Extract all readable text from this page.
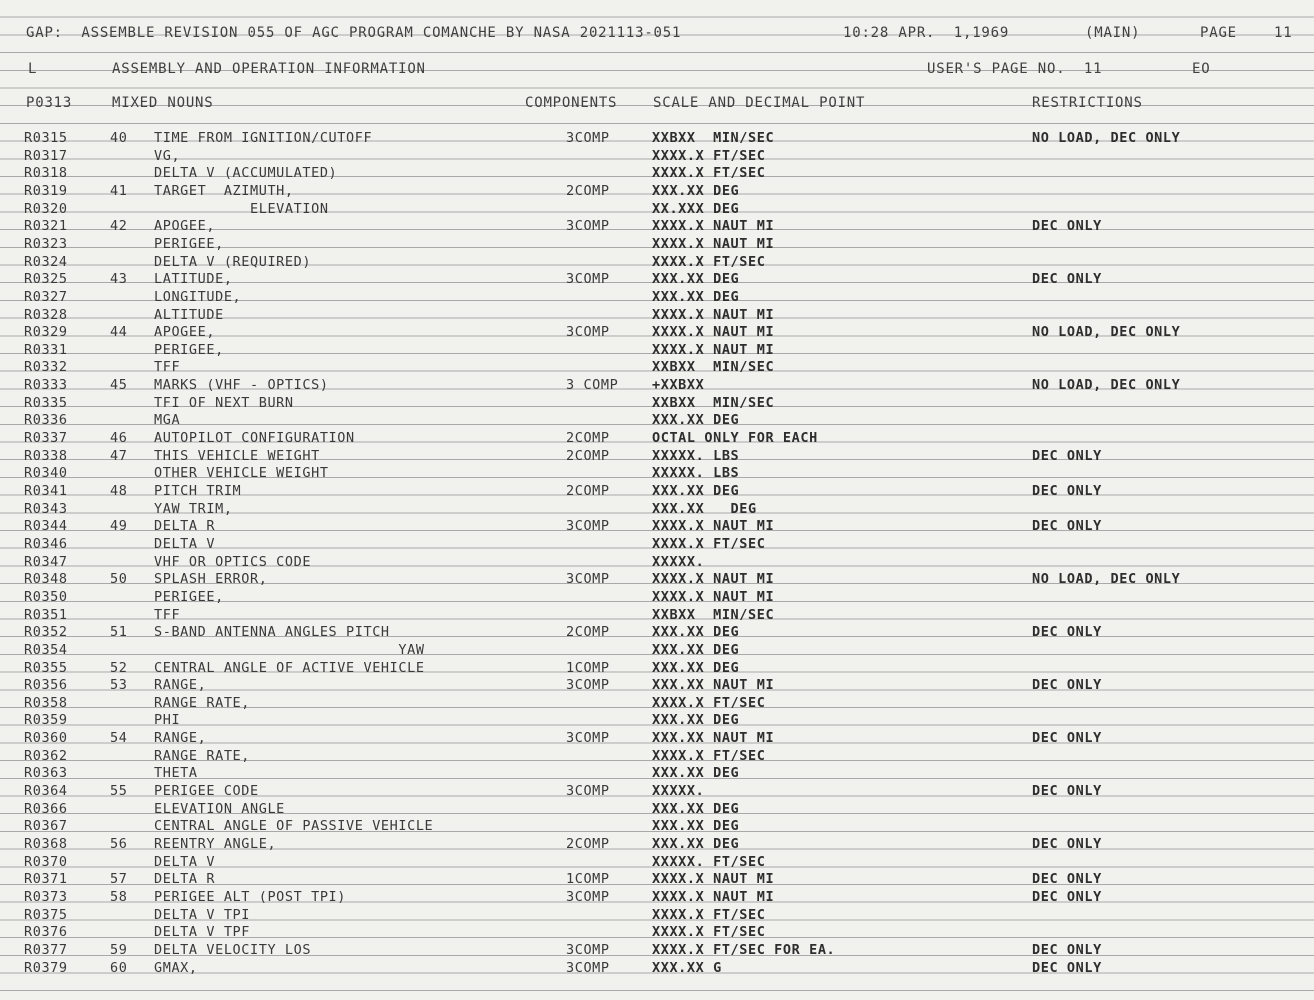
GAP:  ASSEMBLE REVISION 055 OF AGC PROGRAM COMANCHE BY NASA 2021113-051	10:28 APR.  1,1969	(MAIN)	PAGE	11
L	ASSEMBLY AND OPERATION INFORMATION	USER'S PAGE NO.  11	EO
P0313	MIXED NOUNS	COMPONENTS	SCALE AND DECIMAL POINT	RESTRICTIONS
R0315	40 TIME FROM IGNITION/CUTOFF	3COMP	XXBXX  MIN/SEC	NO LOAD, DEC ONLY
R0317	VG,	XXXX.X FT/SEC
R0318	DELTA V (ACCUMULATED)	XXXX.X FT/SEC
R0319	41 TARGET  AZIMUTH,	2COMP	XXX.XX DEG
R0320	ELEVATION	XX.XXX DEG
R0321	42 APOGEE,	3COMP	XXXX.X NAUT MI	DEC ONLY
R0323	PERIGEE,	XXXX.X NAUT MI
R0324	DELTA V (REQUIRED)	XXXX.X FT/SEC
R0325	43 LATITUDE,	3COMP	XXX.XX DEG	DEC ONLY
R0327	LONGITUDE,	XXX.XX DEG
R0328	ALTITUDE	XXXX.X NAUT MI
R0329	44 APOGEE,	3COMP	XXXX.X NAUT MI	NO LOAD, DEC ONLY
R0331	PERIGEE,	XXXX.X NAUT MI
R0332	TFF	XXBXX  MIN/SEC
R0333	45 MARKS (VHF - OPTICS)	3 COMP +XXBXX	NO LOAD, DEC ONLY
R0335	TFI OF NEXT BURN	XXBXX  MIN/SEC
R0336	MGA	XXX.XX DEG
R0337	46 AUTOPILOT CONFIGURATION	2COMP	OCTAL ONLY FOR EACH
R0338	47 THIS VEHICLE WEIGHT	2COMP	XXXXX. LBS	DEC ONLY
R0340	OTHER VEHICLE WEIGHT	XXXXX. LBS
R0341	48 PITCH TRIM	2COMP	XXX.XX DEG	DEC ONLY
R0343	YAW TRIM,	XXX.XX   DEG
R0344	49 DELTA R	3COMP	XXXX.X NAUT MI	DEC ONLY
R0346	DELTA V	XXXX.X FT/SEC
R0347	VHF OR OPTICS CODE	XXXXX.
R0348	50 SPLASH ERROR,	3COMP	XXXX.X NAUT MI	NO LOAD, DEC ONLY
R0350	PERIGEE,	XXXX.X NAUT MI
R0351	TFF	XXBXX  MIN/SEC
R0352	51 S-BAND ANTENNA ANGLES PITCH	2COMP	XXX.XX DEG	DEC ONLY
R0354	YAW	XXX.XX DEG
R0355	52 CENTRAL ANGLE OF ACTIVE VEHICLE	1COMP	XXX.XX DEG
R0356	53 RANGE,	3COMP	XXX.XX NAUT MI	DEC ONLY
R0358	RANGE RATE,	XXXX.X FT/SEC
R0359	PHI	XXX.XX DEG
R0360	54 RANGE,	3COMP	XXX.XX NAUT MI	DEC ONLY
R0362	RANGE RATE,	XXXX.X FT/SEC
R0363	THETA	XXX.XX DEG
R0364	55 PERIGEE CODE	3COMP	XXXXX.	DEC ONLY
R0366	ELEVATION ANGLE	XXX.XX DEG
R0367	CENTRAL ANGLE OF PASSIVE VEHICLE	XXX.XX DEG
R0368	56 REENTRY ANGLE,	2COMP	XXX.XX DEG	DEC ONLY
R0370	DELTA V	XXXXX. FT/SEC
R0371	57 DELTA R	1COMP	XXXX.X NAUT MI	DEC ONLY
R0373	58 PERIGEE ALT (POST TPI)	3COMP	XXXX.X NAUT MI	DEC ONLY
R0375	DELTA V TPI	XXXX.X FT/SEC
R0376	DELTA V TPF	XXXX.X FT/SEC
R0377	59 DELTA VELOCITY LOS	3COMP	XXXX.X FT/SEC FOR EA.	DEC ONLY
R0379	60 GMAX,	3COMP	XXX.XX G	DEC ONLY
